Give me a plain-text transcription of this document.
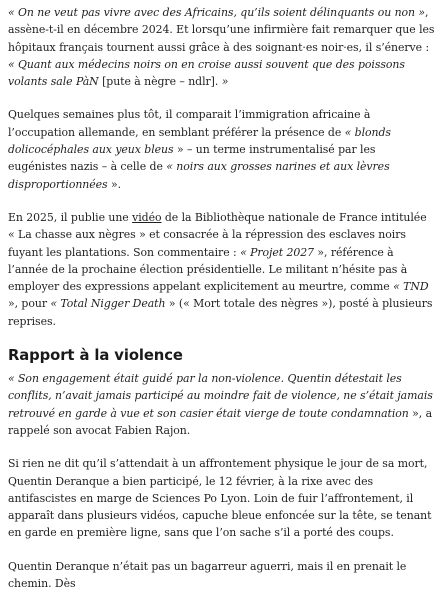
« On ne veut pas vivre avec des Africains, qu’ils soient délinquants ou non », assène-t-il en décembre 2024. Et lorsqu’une infirmière fait remarquer que les hôpitaux français tournent aussi grâce à des soignant·es noir·es, il s’énerve : « Quant aux médecins noirs on en croise aussi souvent que des poissons volants sale PàN [pute à nègre – ndlr]. »

Quelques semaines plus tôt, il comparait l’immigration africaine à l’occupation allemande, en semblant préférer la présence de « blonds dolicocéphales aux yeux bleus » – un terme instrumentalisé par les eugénistes nazis – à celle de « noirs aux grosses narines et aux lèvres disproportionnées ».

En 2025, il publie une vidéo de la Bibliothèque nationale de France intitulée « La chasse aux nègres » et consacrée à la répression des esclaves noirs fuyant les plantations. Son commentaire : « Projet 2027 », référence à l’année de la prochaine élection présidentielle. Le militant n’hésite pas à employer des expressions appelant explicitement au meurtre, comme « TND », pour « Total Nigger Death » (« Mort totale des nègres »), posté à plusieurs reprises.

Rapport à la violence

« Son engagement était guidé par la non-violence. Quentin détestait les conflits, n’avait jamais participé au moindre fait de violence, ne s’était jamais retrouvé en garde à vue et son casier était vierge de toute condamnation », a rappelé son avocat Fabien Rajon.

Si rien ne dit qu’il s’attendait à un affrontement physique le jour de sa mort, Quentin Deranque a bien participé, le 12 février, à la rixe avec des antifascistes en marge de Sciences Po Lyon. Loin de fuir l’affrontement, il apparaît dans plusieurs vidéos, capuche bleue enfoncée sur la tête, se tenant en garde en première ligne, sans que l’on sache s’il a porté des coups.

Quentin Deranque n’était pas un bagarreur aguerri, mais il en prenait le chemin. Dès
